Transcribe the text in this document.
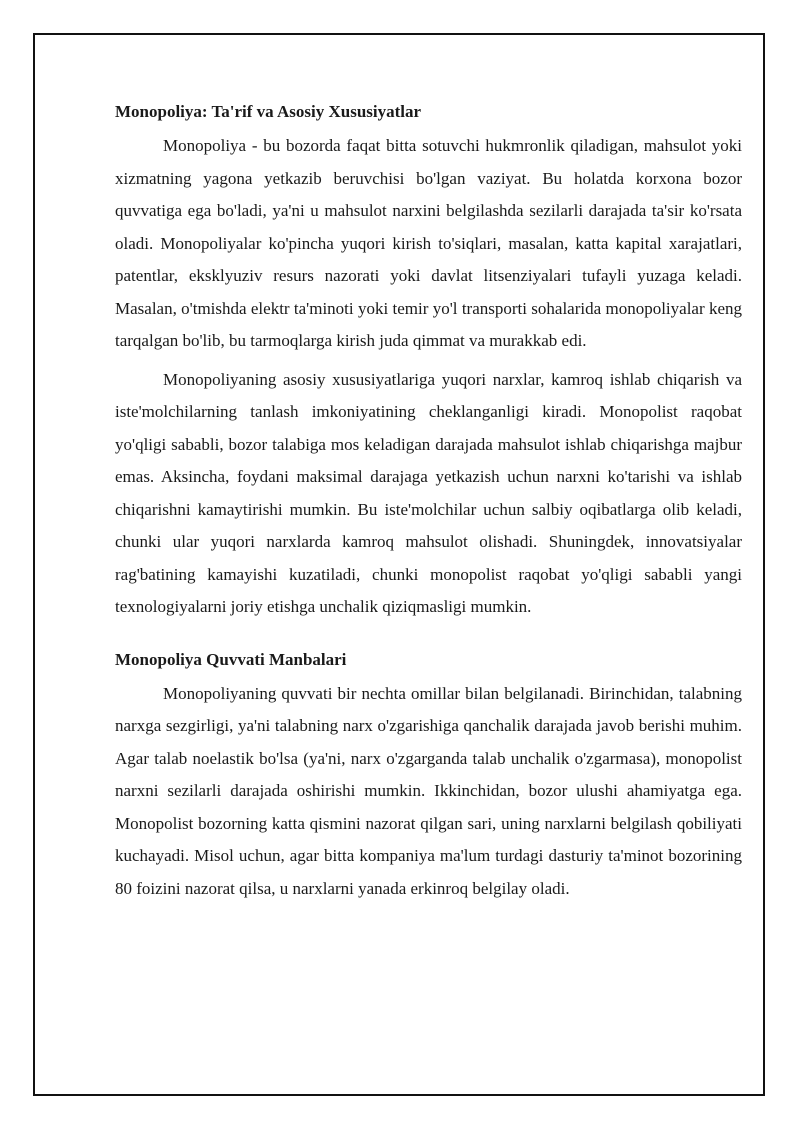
Monopoliya: Ta'rif va Asosiy Xususiyatlar

Monopoliya - bu bozorda faqat bitta sotuvchi hukmronlik qiladigan, mahsulot yoki xizmatning yagona yetkazib beruvchisi bo'lgan vaziyat. Bu holatda korxona bozor quvvatiga ega bo'ladi, ya'ni u mahsulot narxini belgilashda sezilarli darajada ta'sir ko'rsata oladi. Monopoliyalar ko'pincha yuqori kirish to'siqlari, masalan, katta kapital xarajatlari, patentlar, eksklyuziv resurs nazorati yoki davlat litsenziyalari tufayli yuzaga keladi. Masalan, o'tmishda elektr ta'minoti yoki temir yo'l transporti sohalarida monopoliyalar keng tarqalgan bo'lib, bu tarmoqlarga kirish juda qimmat va murakkab edi.

Monopoliyaning asosiy xususiyatlariga yuqori narxlar, kamroq ishlab chiqarish va iste'molchilarning tanlash imkoniyatining cheklanganligi kiradi. Monopolist raqobat yo'qligi sababli, bozor talabiga mos keladigan darajada mahsulot ishlab chiqarishga majbur emas. Aksincha, foydani maksimal darajaga yetkazish uchun narxni ko'tarishi va ishlab chiqarishni kamaytirishi mumkin. Bu iste'molchilar uchun salbiy oqibatlarga olib keladi, chunki ular yuqori narxlarda kamroq mahsulot olishadi. Shuningdek, innovatsiyalar rag'batining kamayishi kuzatiladi, chunki monopolist raqobat yo'qligi sababli yangi texnologiyalarni joriy etishga unchalik qiziqmasligi mumkin.

Monopoliya Quvvati Manbalari

Monopoliyaning quvvati bir nechta omillar bilan belgilanadi. Birinchidan, talabning narxga sezgirligi, ya'ni talabning narx o'zgarishiga qanchalik darajada javob berishi muhim. Agar talab noelastik bo'lsa (ya'ni, narx o'zgarganda talab unchalik o'zgarmasa), monopolist narxni sezilarli darajada oshirishi mumkin. Ikkinchidan, bozor ulushi ahamiyatga ega. Monopolist bozorning katta qismini nazorat qilgan sari, uning narxlarni belgilash qobiliyati kuchayadi. Misol uchun, agar bitta kompaniya ma'lum turdagi dasturiy ta'minot bozorining 80 foizini nazorat qilsa, u narxlarni yanada erkinroq belgilay oladi.
